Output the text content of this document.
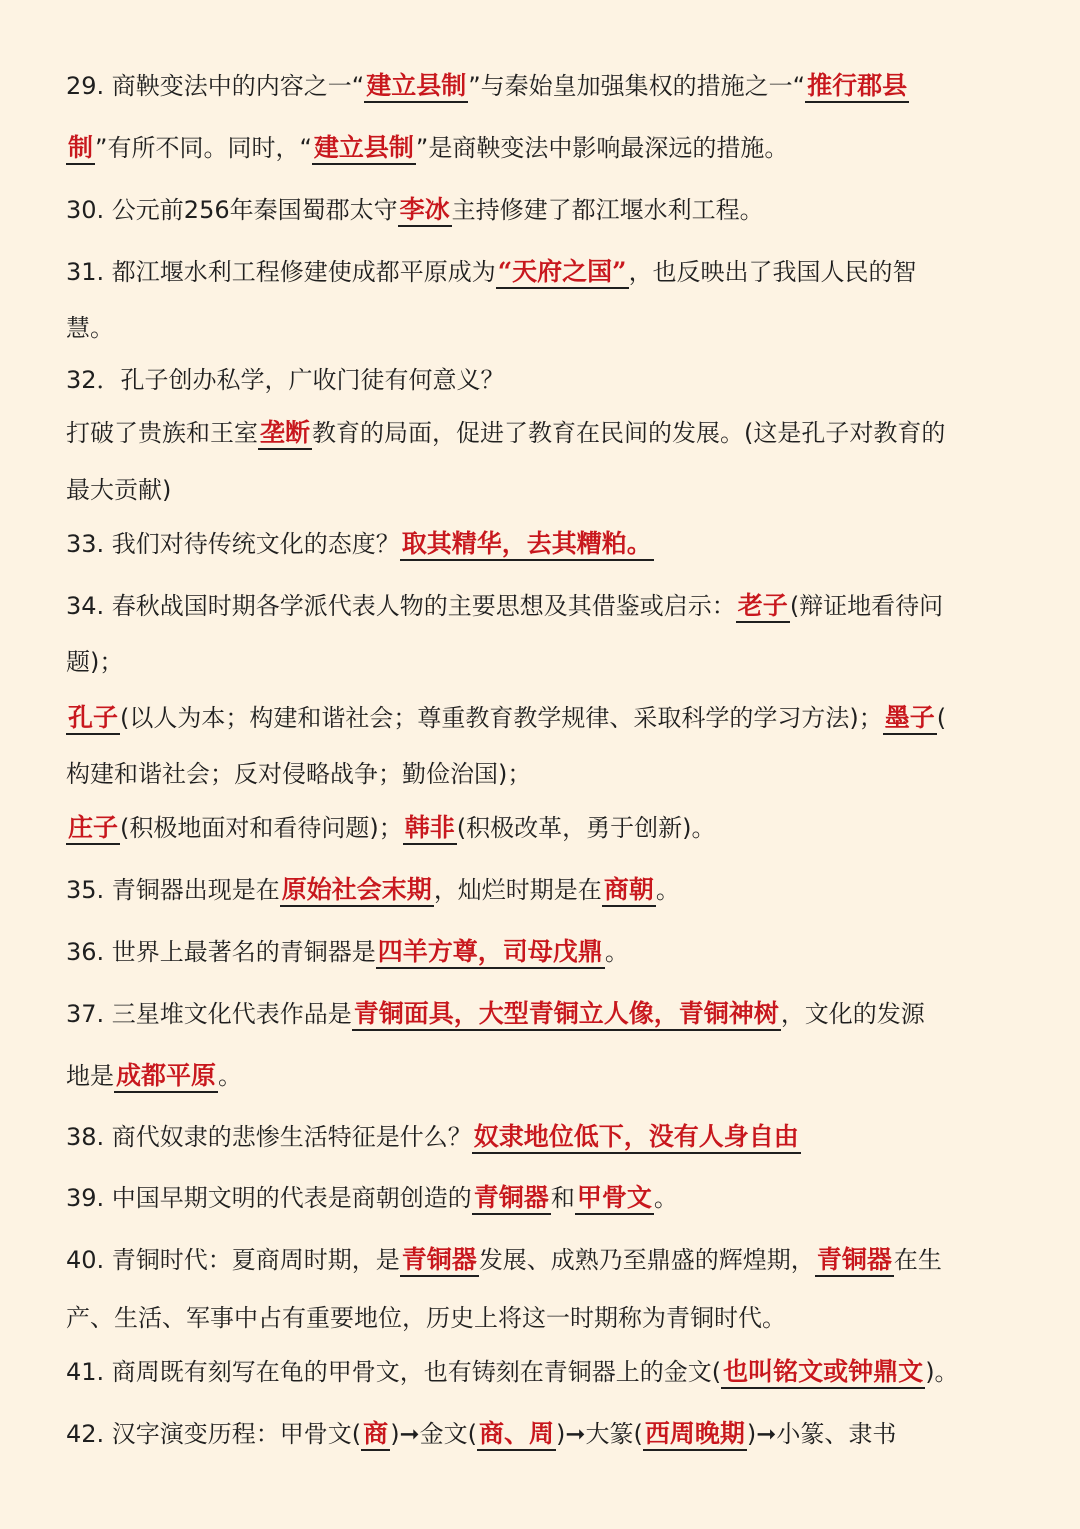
29. 商鞅变法中的内容之一“建立县制”与秦始皇加强集权的措施之一“推行郡县
制”有所不同。同时，“建立县制”是商鞅变法中影响最深远的措施。
30. 公元前256年秦国蜀郡太守李冰主持修建了都江堰水利工程。
31. 都江堰水利工程修建使成都平原成为“天府之国”，也反映出了我国人民的智
慧。
32．孔子创办私学，广收门徒有何意义？
打破了贵族和王室垄断教育的局面，促进了教育在民间的发展。(这是孔子对教育的
最大贡献)
33. 我们对待传统文化的态度？取其精华，去其糟粕。
34. 春秋战国时期各学派代表人物的主要思想及其借鉴或启示：老子(辩证地看待问
题)；
孔子(以人为本；构建和谐社会；尊重教育教学规律、采取科学的学习方法)；墨子(
构建和谐社会；反对侵略战争；勤俭治国)；
庄子(积极地面对和看待问题)；韩非(积极改革，勇于创新)。
35. 青铜器出现是在原始社会末期，灿烂时期是在商朝。
36. 世界上最著名的青铜器是四羊方尊，司母戊鼎。
37. 三星堆文化代表作品是青铜面具，大型青铜立人像，青铜神树，文化的发源
地是成都平原。
38. 商代奴隶的悲惨生活特征是什么？奴隶地位低下，没有人身自由
39. 中国早期文明的代表是商朝创造的青铜器和甲骨文。
40. 青铜时代：夏商周时期，是青铜器发展、成熟乃至鼎盛的辉煌期，青铜器在生
产、生活、军事中占有重要地位，历史上将这一时期称为青铜时代。
41. 商周既有刻写在龟的甲骨文，也有铸刻在青铜器上的金文(也叫铭文或钟鼎文)。
42. 汉字演变历程：甲骨文(商)➞金文(商、周)➞大篆(西周晚期)➞小篆、隶书
